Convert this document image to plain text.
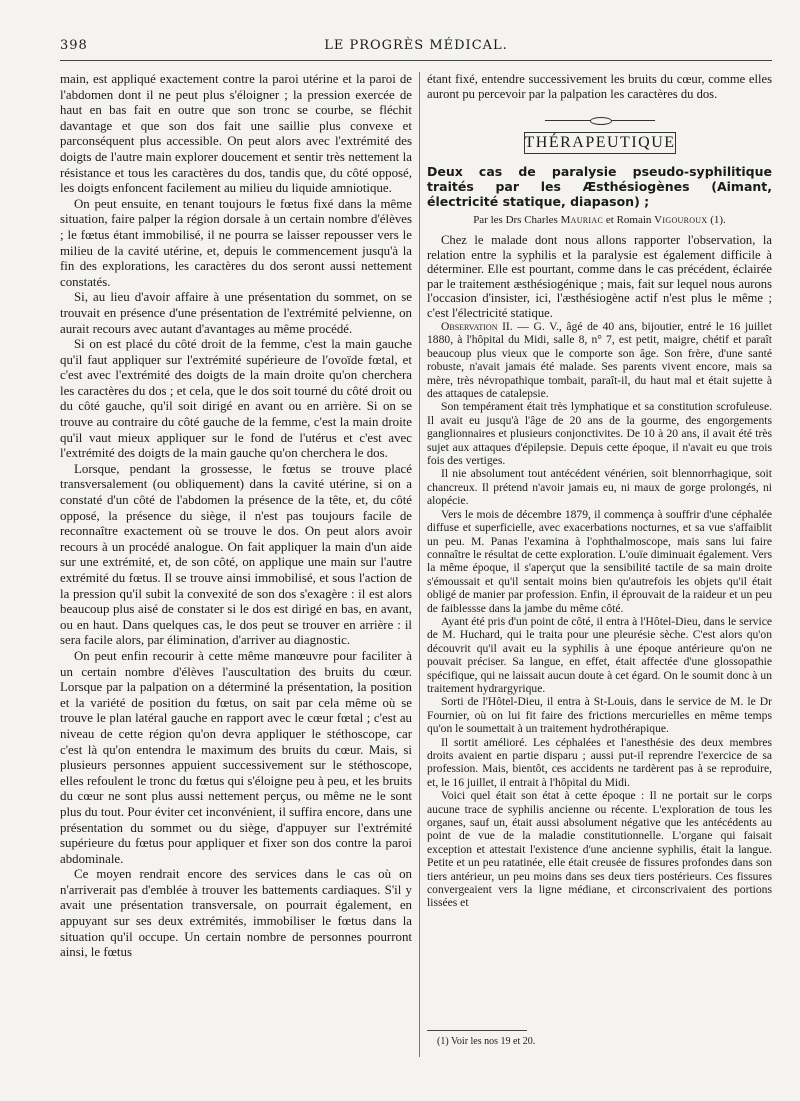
398	LE PROGRÈS MÉDICAL.

main, est appliqué exactement contre la paroi utérine et la paroi de l'abdomen dont il ne peut plus s'éloigner ; la pression exercée de haut en bas fait en outre que son tronc se courbe, se fléchit davantage et que son dos fait une saillie plus convexe et parconséquent plus accessible. On peut alors avec l'extrémité des doigts de l'autre main explorer doucement et sentir très nettement la résistance et tous les caractères du dos, tandis que, du côté opposé, les doigts enfoncent facilement au milieu du liquide amniotique.

On peut ensuite, en tenant toujours le fœtus fixé dans la même situation, faire palper la région dorsale à un certain nombre d'élèves ; le fœtus étant immobilisé, il ne pourra se laisser repousser vers le milieu de la cavité utérine, et, depuis le commencement jusqu'à la fin des explorations, les caractères du dos seront aussi nettement constatés.

Si, au lieu d'avoir affaire à une présentation du sommet, on se trouvait en présence d'une présentation de l'extrémité pelvienne, on aurait recours avec autant d'avantages au même procédé.

Si on est placé du côté droit de la femme, c'est la main gauche qu'il faut appliquer sur l'extrémité supérieure de l'ovoïde fœtal, et c'est avec l'extrémité des doigts de la main droite qu'on cherchera les caractères du dos ; et cela, que le dos soit tourné du côté droit ou du côté gauche, qu'il soit dirigé en avant ou en arrière. Si on se trouve au contraire du côté gauche de la femme, c'est la main droite qu'il vaut mieux appliquer sur le fond de l'utérus et c'est avec l'extrémité des doigts de la main gauche qu'on cherchera le dos.

Lorsque, pendant la grossesse, le fœtus se trouve placé transversalement (ou obliquement) dans la cavité utérine, si on a constaté d'un côté de l'abdomen la présence de la tête, et, du côté opposé, la présence du siège, il n'est pas toujours facile de reconnaître exactement où se trouve le dos. On peut alors avoir recours à un procédé analogue. On fait appliquer la main d'un aide sur une extrémité, et, de son côté, on applique une main sur l'autre extrémité du fœtus. Il se trouve ainsi immobilisé, et sous l'action de la pression qu'il subit la convexité de son dos s'exagère : il est alors beaucoup plus aisé de constater si le dos est dirigé en bas, en avant, ou en haut. Dans quelques cas, le dos peut se trouver en arrière : il sera facile alors, par élimination, d'arriver au diagnostic.

On peut enfin recourir à cette même manœuvre pour faciliter à un certain nombre d'élèves l'auscultation des bruits du cœur. Lorsque par la palpation on a déterminé la présentation, la position et la variété de position du fœtus, on sait par cela même où se trouve le plan latéral gauche en rapport avec le cœur fœtal ; c'est au niveau de cette région qu'on devra appliquer le stéthoscope, car c'est là qu'on entendra le maximum des bruits du cœur. Mais, si plusieurs personnes appuient successivement sur le stéthoscope, elles refoulent le tronc du fœtus qui s'éloigne peu à peu, et les bruits du cœur ne sont plus aussi nettement perçus, ou même ne le sont plus du tout. Pour éviter cet inconvénient, il suffira encore, dans une présentation du sommet ou du siège, d'appuyer sur l'extrémité supérieure du fœtus pour appliquer et fixer son dos contre la paroi abdominale.

Ce moyen rendrait encore des services dans le cas où on n'arriverait pas d'emblée à trouver les battements cardiaques. S'il y avait une présentation transversale, on pourrait également, en appuyant sur ses deux extrémités, immobiliser le fœtus dans la situation qu'il occupe. Un certain nombre de personnes pourront ainsi, le fœtus

étant fixé, entendre successivement les bruits du cœur, comme elles auront pu percevoir par la palpation les caractères du dos.

THÉRAPEUTIQUE

Deux cas de paralysie pseudo-syphilitique traités par les Æsthésiogènes (Aimant, électricité statique, diapason) ;

Par les Drs Charles Mauriac et Romain Vigouroux (1).

Chez le malade dont nous allons rapporter l'observation, la relation entre la syphilis et la paralysie est également difficile à déterminer. Elle est pourtant, comme dans le cas précédent, éclairée par le traitement æsthésiogénique ; mais, fait sur lequel nous aurons l'occasion d'insister, ici, l'æsthésiogène actif n'est plus le même ; c'est l'électricité statique.

Observation II. — G. V., âgé de 40 ans, bijoutier, entré le 16 juillet 1880, à l'hôpital du Midi, salle 8, n° 7, est petit, maigre, chétif et paraît beaucoup plus vieux que le comporte son âge. Son frère, d'une santé robuste, n'avait jamais été malade. Ses parents vivent encore, mais sa mère, très névropathique tombait, paraît-il, du haut mal et était sujette à des attaques de catalepsie.

Son tempérament était très lymphatique et sa constitution scrofuleuse. Il avait eu jusqu'à l'âge de 20 ans de la gourme, des engorgements ganglionnaires et plusieurs conjonctivites. De 10 à 20 ans, il avait été très sujet aux attaques d'épilepsie. Depuis cette époque, il n'avait eu que trois fois des vertiges.

Il nie absolument tout antécédent vénérien, soit blennorrhagique, soit chancreux. Il prétend n'avoir jamais eu, ni maux de gorge prolongés, ni alopécie.

Vers le mois de décembre 1879, il commença à souffrir d'une céphalée diffuse et superficielle, avec exacerbations nocturnes, et sa vue s'affaiblit un peu. M. Panas l'examina à l'ophthalmoscope, mais sans lui faire connaître le résultat de cette exploration. L'ouïe diminuait également. Vers la même époque, il s'aperçut que la sensibilité tactile de sa main droite s'émoussait et qu'il sentait moins bien qu'autrefois les objets qu'il était obligé de manier par profession. Enfin, il éprouvait de la raideur et un peu de faiblessse dans la jambe du même côté.

Ayant été pris d'un point de côté, il entra à l'Hôtel-Dieu, dans le service de M. Huchard, qui le traita pour une pleurésie sèche. C'est alors qu'on découvrit qu'il avait eu la syphilis à une époque antérieure qu'on ne pouvait préciser. Sa langue, en effet, était affectée d'une glossopathie spécifique, qui ne laissait aucun doute à cet égard. On le soumit donc à un traitement hydrargyrique.

Sorti de l'Hôtel-Dieu, il entra à St-Louis, dans le service de M. le Dr Fournier, où on lui fit faire des frictions mercurielles en même temps qu'on le soumettait à un traitement hydrothérapique.

Il sortit amélioré. Les céphalées et l'anesthésie des deux membres droits avaient en partie disparu ; aussi put-il reprendre l'exercice de sa profession. Mais, bientôt, ces accidents ne tardèrent pas à se reproduire, et, le 16 juillet, il entrait à l'hôpital du Midi.

Voici quel était son état à cette époque : Il ne portait sur le corps aucune trace de syphilis ancienne ou récente. L'exploration de tous les organes, sauf un, était aussi absolument négative que les antécédents au point de vue de la maladie constitutionnelle. L'organe qui faisait exception et attestait l'existence d'une ancienne syphilis, était la langue. Petite et un peu ratatinée, elle était creusée de fissures profondes dans son tiers antérieur, un peu moins dans ses deux tiers postérieurs. Ces fissures convergeaient vers la ligne médiane, et circonscrivaient des portions lissées et

(1) Voir les nos 19 et 20.
